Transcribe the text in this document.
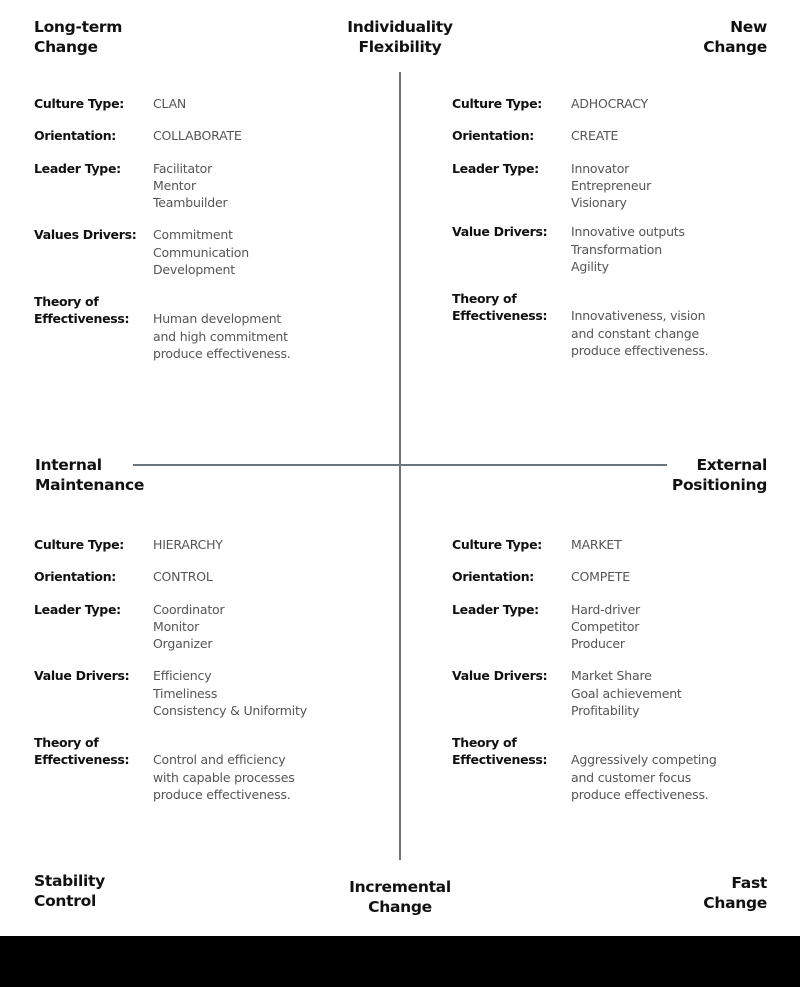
Long-term
Change
Individuality
Flexibility
New
Change
Internal
Maintenance
External
Positioning
Stability
Control
Incremental
Change
Fast
Change
Culture Type:	CLAN
Orientation:	COLLABORATE
Leader Type:	Facilitator
Mentor
Teambuilder
Values Drivers:	Commitment
Communication
Development
Theory of
Effectiveness:	Human development
and high commitment
produce effectiveness.
Culture Type:	ADHOCRACY
Orientation:	CREATE
Leader Type:	Innovator
Entrepreneur
Visionary
Value Drivers:	Innovative outputs
Transformation
Agility
Theory of
Effectiveness:	Innovativeness, vision
and constant change
produce effectiveness.
Culture Type:	HIERARCHY
Orientation:	CONTROL
Leader Type:	Coordinator
Monitor
Organizer
Value Drivers:	Efficiency
Timeliness
Consistency & Uniformity
Theory of
Effectiveness:	Control and efficiency
with capable processes
produce effectiveness.
Culture Type:	MARKET
Orientation:	COMPETE
Leader Type:	Hard-driver
Competitor
Producer
Value Drivers:	Market Share
Goal achievement
Profitability
Theory of
Effectiveness:	Aggressively competing
and customer focus
produce effectiveness.
